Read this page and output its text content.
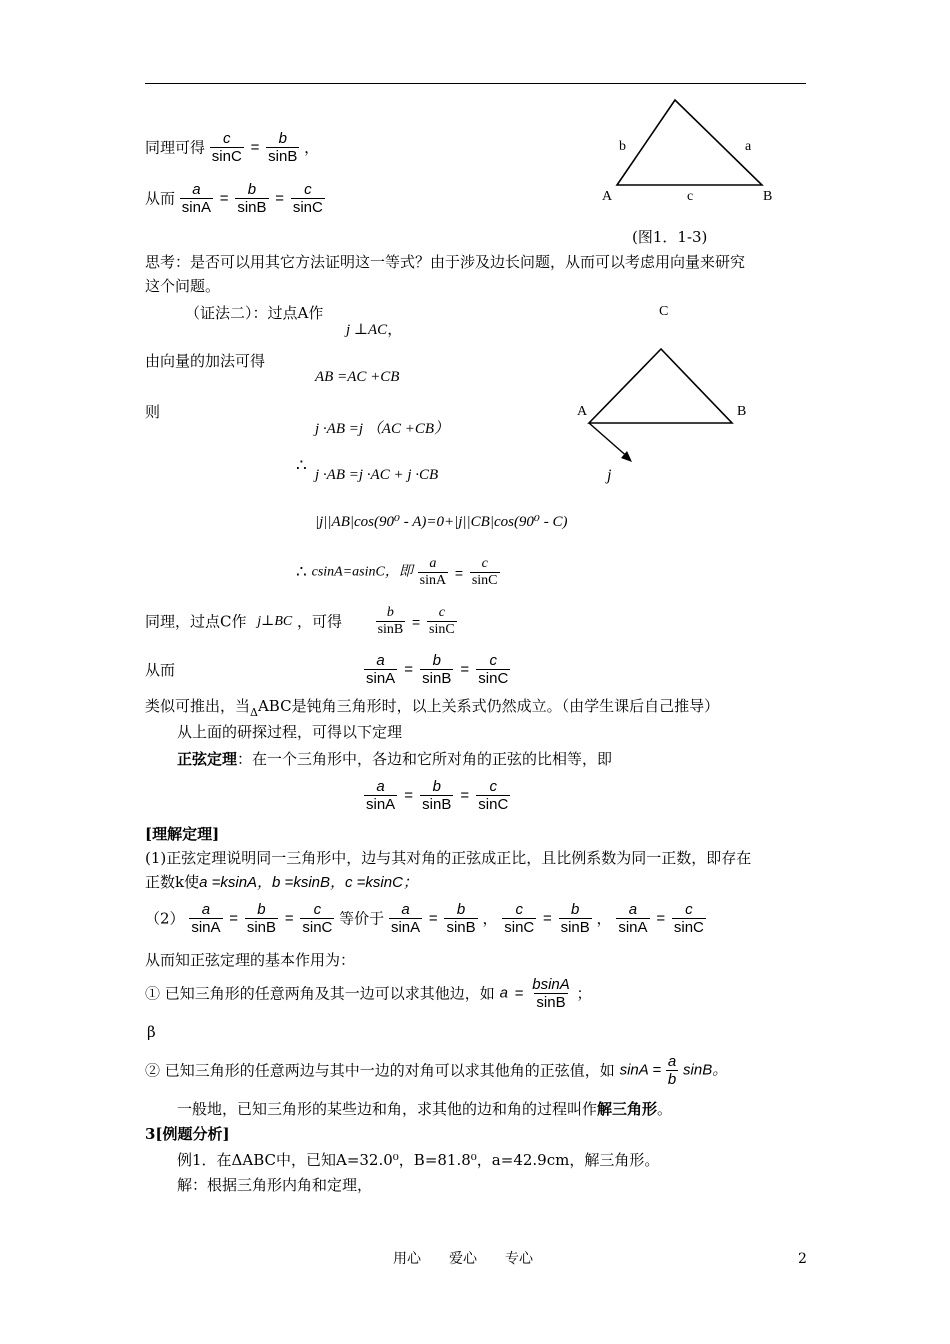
同理可得 $\frac{c}{\sin C} = \frac{b}{\sin B}$ ，
从而 $\frac{a}{\sin A} = \frac{b}{\sin B} = \frac{c}{\sin C}$
b	a
A	c	B
(图1．1-3)
思考：是否可以用其它方法证明这一等式？由于涉及边长问题，从而可以考虑用向量来研究
这个问题。
（证法二）：过点A作
j ⊥AC，
C
A	B
j
由向量的加法可得
AB =AC +CB
则
j ·AB =j （AC +CB）
∴ j ·AB =j ·AC + j ·CB
|j||AB|cos(90⁰ - A)=0+|j||CB|cos(90⁰ - C)
∴ csinA=asinC，即 $\frac{a}{\sin A} = \frac{c}{\sin C}$
同理，过点C作 j⊥BC ，可得 $\frac{b}{\sin B} = \frac{c}{\sin C}$
从而	$\frac{a}{\sin A} = \frac{b}{\sin B} = \frac{c}{\sin C}$
类似可推出，当$_\Delta$ABC是钝角三角形时，以上关系式仍然成立。（由学生课后自己推导）
从上面的研探过程，可得以下定理
正弦定理：在一个三角形中，各边和它所对角的正弦的比相等，即
$\frac{a}{\sin A} = \frac{b}{\sin B} = \frac{c}{\sin C}$
[理解定理]
(1)正弦定理说明同一三角形中，边与其对角的正弦成正比，且比例系数为同一正数，即存在
正数k使a =ksinA，b =ksinB，c =ksinC；
$(2) \frac{a}{\sin A} = \frac{b}{\sin B} = \frac{c}{\sin C}$ 等价于 $\frac{a}{\sin A} = \frac{b}{\sin B}$ ， $\frac{c}{\sin C} = \frac{b}{\sin B}$ ， $\frac{a}{\sin A} = \frac{c}{\sin C}$
从而知正弦定理的基本作用为：
① 已知三角形的任意两角及其一边可以求其他边，如 $a = \frac{bsinA}{\sin B}$ ；
β
② 已知三角形的任意两边与其中一边的对角可以求其他角的正弦值，如 $\sin A = \frac{a}{b}$ sinB。
一般地，已知三角形的某些边和角，求其他的边和角的过程叫作解三角形。
3[例题分析]
例1．在ΔABC中，已知A=32.0⁰，B=81.8⁰，a=42.9cm，解三角形。
解：根据三角形内角和定理，
用心　　爱心　　专心	2
